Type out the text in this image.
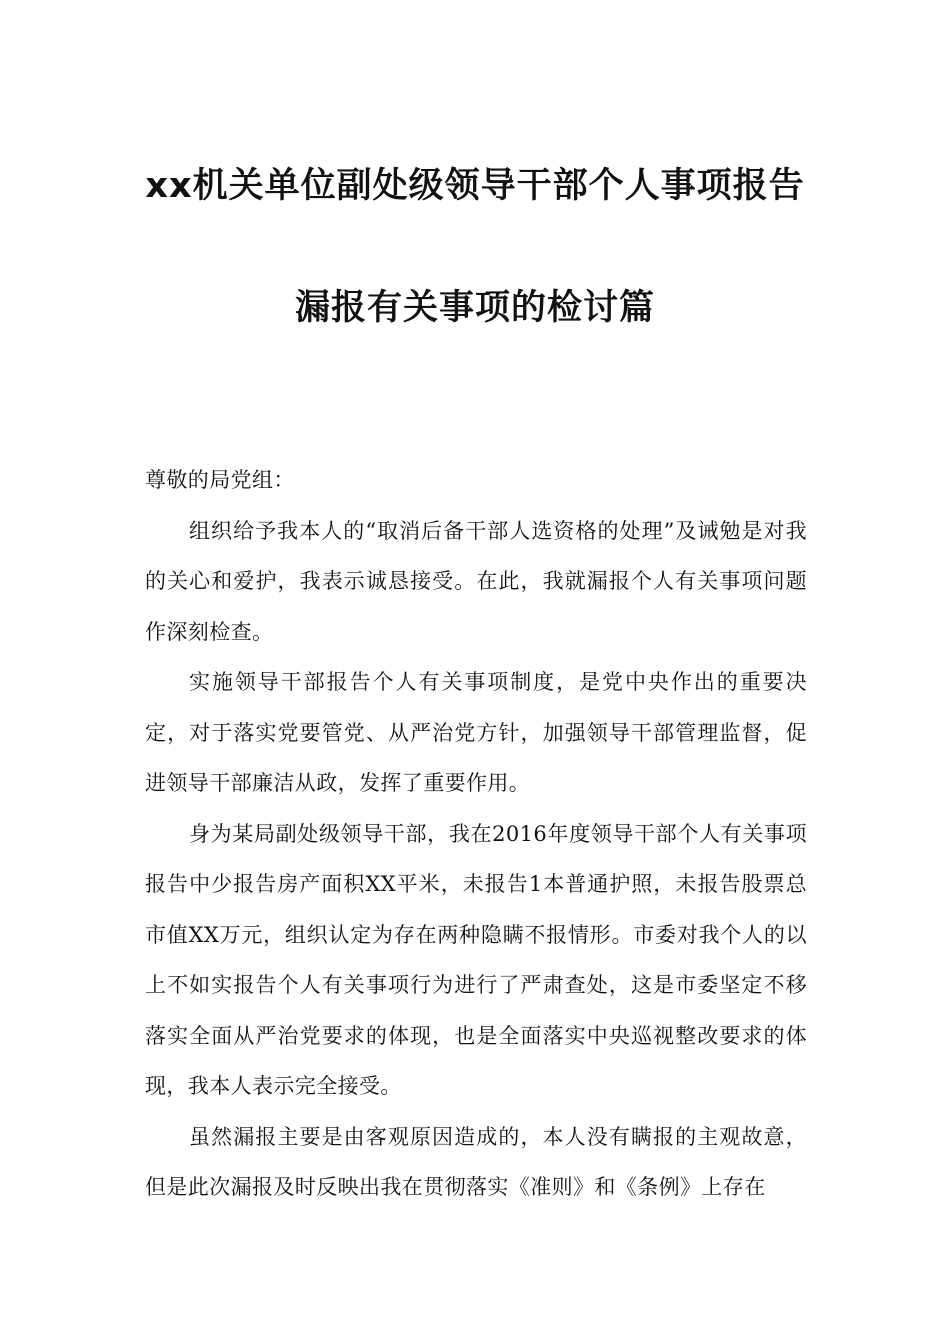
xx机关单位副处级领导干部个人事项报告
漏报有关事项的检讨篇

尊敬的局党组：

组织给予我本人的“取消后备干部人选资格的处理”及诫勉是对我的关心和爱护，我表示诚恳接受。在此，我就漏报个人有关事项问题作深刻检查。

实施领导干部报告个人有关事项制度，是党中央作出的重要决定，对于落实党要管党、从严治党方针，加强领导干部管理监督，促进领导干部廉洁从政，发挥了重要作用。

身为某局副处级领导干部，我在2016年度领导干部个人有关事项报告中少报告房产面积XX平米，未报告1本普通护照，未报告股票总市值XX万元，组织认定为存在两种隐瞒不报情形。市委对我个人的以上不如实报告个人有关事项行为进行了严肃查处，这是市委坚定不移落实全面从严治党要求的体现，也是全面落实中央巡视整改要求的体现，我本人表示完全接受。

虽然漏报主要是由客观原因造成的，本人没有瞒报的主观故意，但是此次漏报及时反映出我在贯彻落实《准则》和《条例》上存在
